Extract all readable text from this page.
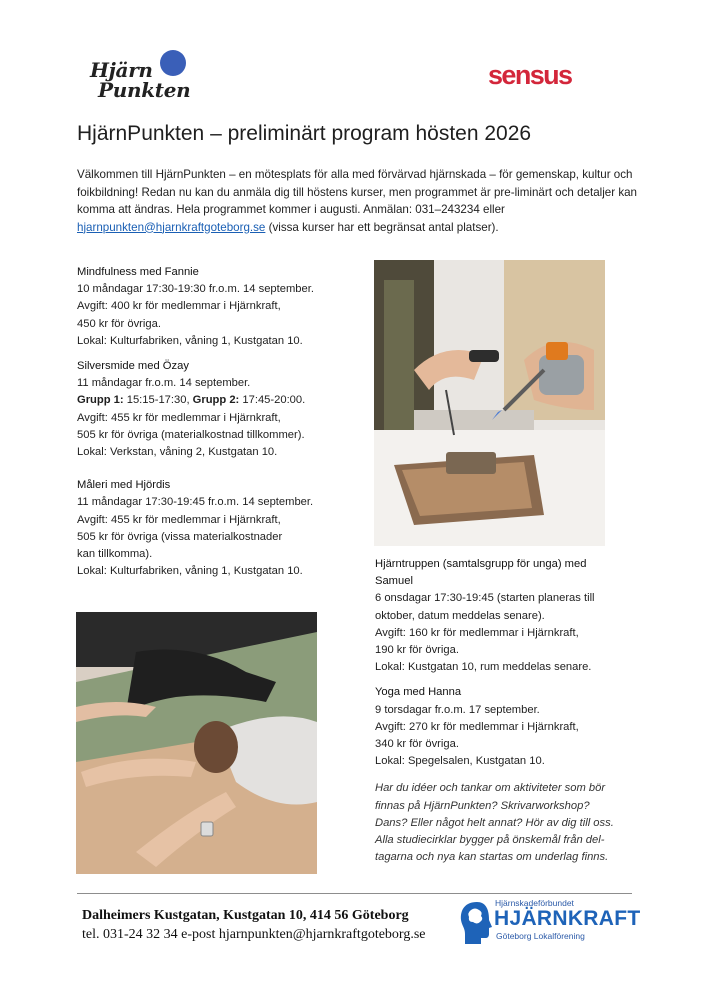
Hjärn
Punkten	sensus
HjärnPunkten – preliminärt program hösten 2026
Välkommen till HjärnPunkten – en mötesplats för alla med förvärvad hjärnskada – för gemenskap, kultur och foikbildning! Redan nu kan du anmäla dig till höstens kurser, men programmet är pre-liminärt och detaljer kan komma att ändras. Hela programmet kommer i augusti. Anmälan: 031–243234 eller hjarnpunkten@hjarnkraftgoteborg.se (vissa kurser har ett begränsat antal platser).

Mindfulness med Fannie

10 måndagar 17:30-19:30 fr.o.m. 14 september.

Avgift: 400 kr för medlemmar i Hjärnkraft,

450 kr för övriga.

Lokal: Kulturfabriken, våning 1, Kustgatan 10.

Silversmide med Özay

11 måndagar fr.o.m. 14 september.

Grupp 1: 15:15-17:30, Grupp 2: 17:45-20:00.

Avgift: 455 kr för medlemmar i Hjärnkraft,

505 kr för övriga (materialkostnad tillkommer).

Lokal: Verkstan, våning 2, Kustgatan 10.

Måleri med Hjördis

11 måndagar 17:30-19:45 fr.o.m. 14 september.

Avgift: 455 kr för medlemmar i Hjärnkraft,

505 kr för övriga (vissa materialkostnader

kan tillkomma).

Lokal: Kulturfabriken, våning 1, Kustgatan 10.

Hjärntruppen (samtalsgrupp för unga) med

Samuel

6 onsdagar 17:30-19:45 (starten planeras till

oktober, datum meddelas senare).

Avgift: 160 kr för medlemmar i Hjärnkraft,

190 kr för övriga.

Lokal: Kustgatan 10, rum meddelas senare.

Yoga med Hanna

9 torsdagar fr.o.m. 17 september.

Avgift: 270 kr för medlemmar i Hjärnkraft,

340 kr för övriga.

Lokal: Spegelsalen, Kustgatan 10.

Har du idéer och tankar om aktiviteter som bör

finnas på HjärnPunkten? Skrivarworkshop?

Dans? Eller något helt annat? Hör av dig till oss.

Alla studiecirklar bygger på önskemål från del-

tagarna och nya kan startas om underlag finns.

Dalheimers Kustgatan, Kustgatan 10, 414 56 Göteborg
tel. 031-24 32 34 e-post hjarnpunkten@hjarnkraftgoteborg.se
Hjärnskadeförbundet
HJÄRNKRAFT
Göteborg Lokalförening
